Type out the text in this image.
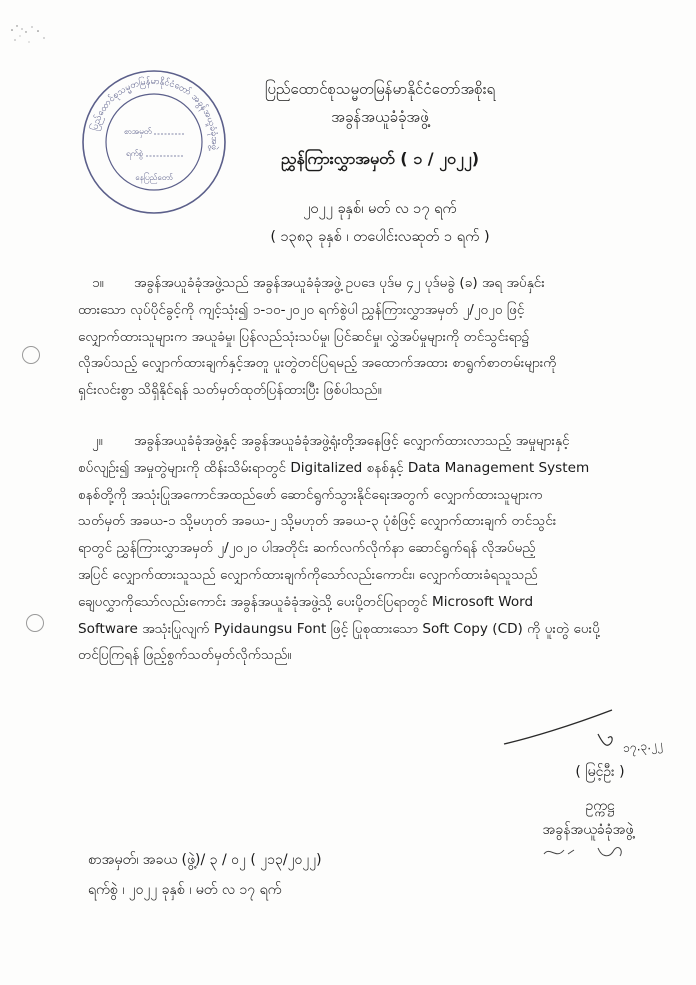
ပြည်ထောင်စုသမ္မတမြန်မာနိုင်ငံတော် အခွန်အယူခံခုံအဖွဲ့
စာအမှတ်
ရက်စွဲ
နေပြည်တော်
ပြည်ထောင်စုသမ္မတမြန်မာနိုင်ငံတော်အစိုးရ
အခွန်အယူခံခုံအဖွဲ့
ညွှန်ကြားလွှာအမှတ် ( ၁ / ၂၀၂၂)
၂၀၂၂ ခုနှစ်၊ မတ် လ ၁၇ ရက်
( ၁၃၈၃ ခုနှစ် ၊ တပေါင်းလဆုတ် ၁ ရက် )
၁။ အခွန်အယူခံခုံအဖွဲ့သည် အခွန်အယူခံခုံအဖွဲ့ ဥပဒေ ပုဒ်မ ၄၂ ပုဒ်မခွဲ (ခ) အရ အပ်နှင်း
ထားသော လုပ်ပိုင်ခွင့်ကို ကျင့်သုံး၍ ၁-၁၀-၂၀၂၀ ရက်စွဲပါ ညွှန်ကြားလွှာအမှတ် ၂/၂၀၂၀ ဖြင့်
လျှောက်ထားသူများက အယူခံမှု၊ ပြန်လည်သုံးသပ်မှု၊ ပြင်ဆင်မှု၊ လွှဲအပ်မှုများကို တင်သွင်းရာ၌
လိုအပ်သည့် လျှောက်ထားချက်နှင့်အတူ ပူးတွဲတင်ပြရမည့် အထောက်အထား စာရွက်စာတမ်းများကို
ရှင်းလင်းစွာ သိရှိနိုင်ရန် သတ်မှတ်ထုတ်ပြန်ထားပြီး ဖြစ်ပါသည်။
၂။ အခွန်အယူခံခုံအဖွဲ့နှင့် အခွန်အယူခံခုံအဖွဲ့ရုံးတို့အနေဖြင့် လျှောက်ထားလာသည့် အမှုများနှင့်
စပ်လျဉ်း၍ အမှုတွဲများကို ထိန်းသိမ်းရာတွင် Digitalized စနစ်နှင့် Data Management System
စနစ်တို့ကို အသုံးပြုအကောင်အထည်ဖော် ဆောင်ရွက်သွားနိုင်ရေးအတွက် လျှောက်ထားသူများက
သတ်မှတ် အခယ-၁ သို့မဟုတ် အခယ-၂ သို့မဟုတ် အခယ-၃ ပုံစံဖြင့် လျှောက်ထားချက် တင်သွင်း
ရာတွင် ညွှန်ကြားလွှာအမှတ် ၂/၂၀၂၀ ပါအတိုင်း ဆက်လက်လိုက်နာ ဆောင်ရွက်ရန် လိုအပ်မည့်
အပြင် လျှောက်ထားသူသည် လျှောက်ထားချက်ကိုသော်လည်းကောင်း၊ လျှောက်ထားခံရသူသည်
ချေပလွှာကိုသော်လည်းကောင်း အခွန်အယူခံခုံအဖွဲ့သို့ ပေးပို့တင်ပြရာတွင် Microsoft Word
Software အသုံးပြုလျက် Pyidaungsu Font ဖြင့် ပြုစုထားသော Soft Copy (CD) ကို ပူးတွဲ ပေးပို့
တင်ပြကြရန် ဖြည့်စွက်သတ်မှတ်လိုက်သည်။
၁၇.၃.၂၂
( မြင့်ဦး )
ဥက္ကဋ္ဌ
အခွန်အယူခံခုံအဖွဲ့
စာအမှတ်၊ အခယ (ဖွဲ့)/ ၃ / ၀၂ ( ၂၁၃/၂၀၂၂)
ရက်စွဲ ၊ ၂၀၂၂ ခုနှစ် ၊ မတ် လ ၁၇ ရက်
